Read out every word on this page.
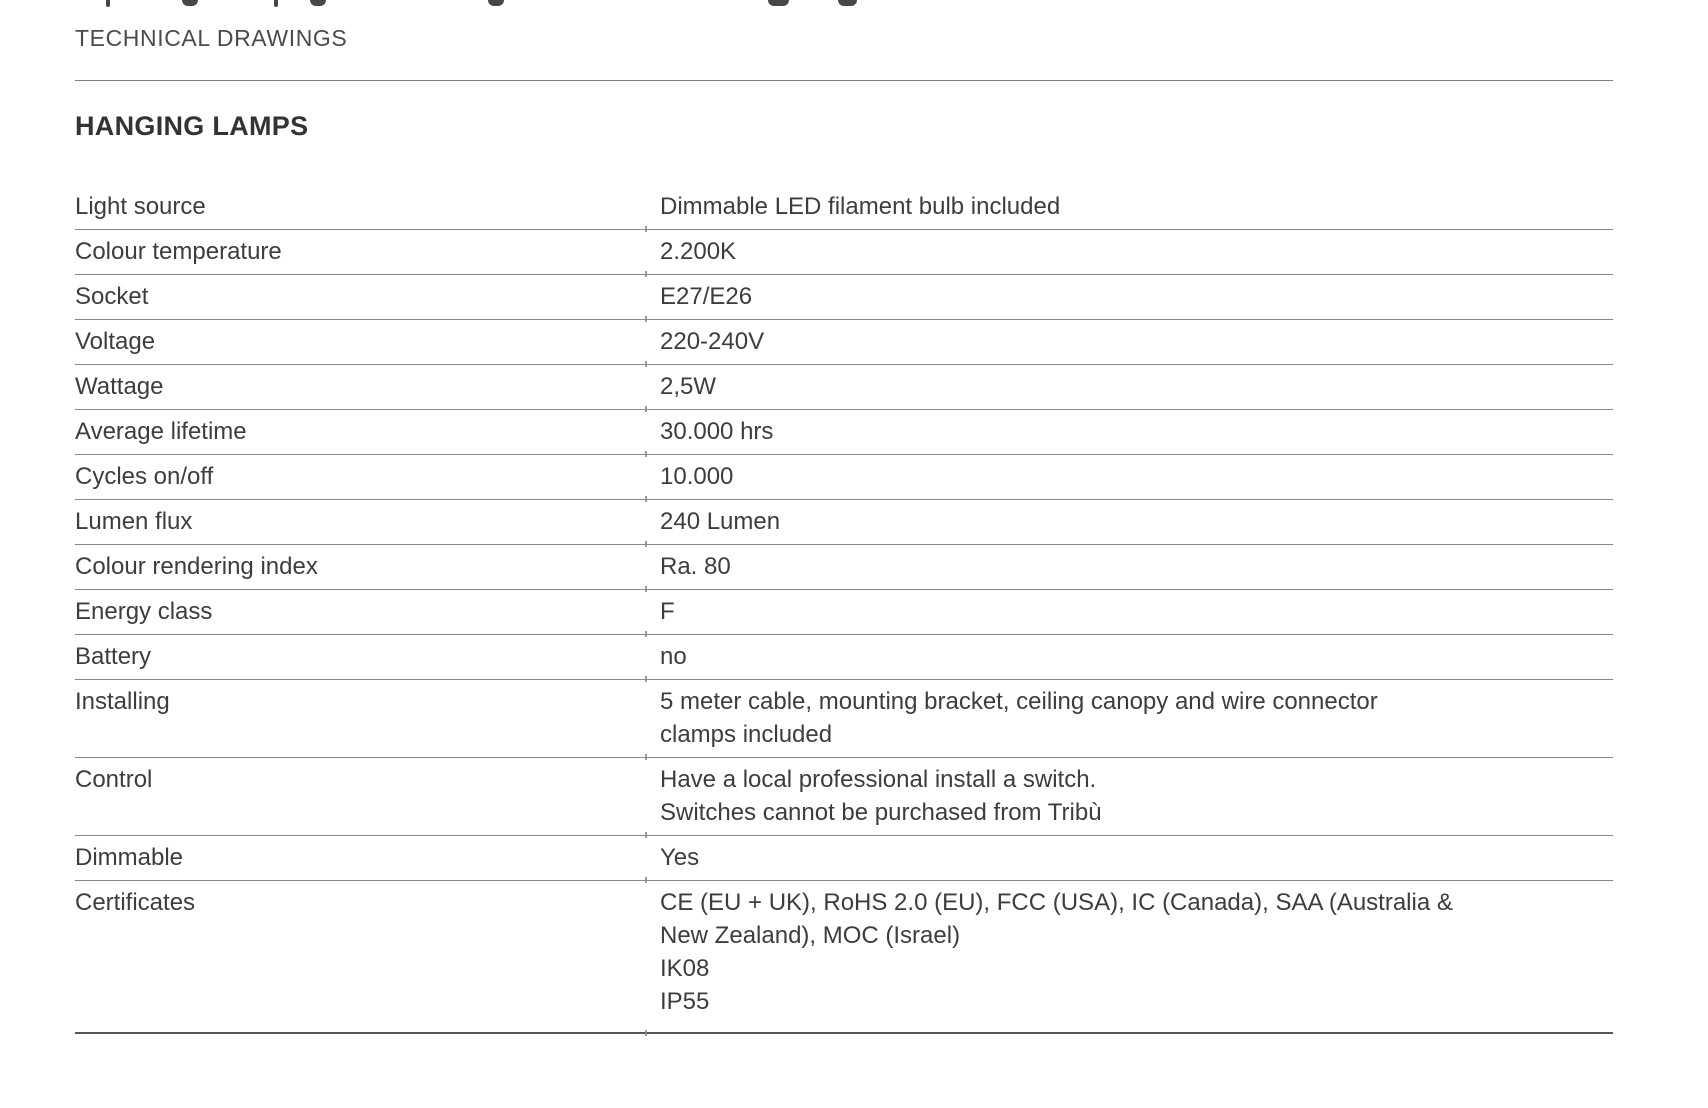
TECHNICAL DRAWINGS

HANGING LAMPS
Light source	Dimmable LED filament bulb included
Colour temperature	2.200K
Socket	E27/E26
Voltage	220-240V
Wattage	2,5W
Average lifetime	30.000 hrs
Cycles on/off	10.000
Lumen flux	240 Lumen
Colour rendering index	Ra. 80
Energy class	F
Battery	no
Installing	5 meter cable, mounting bracket, ceiling canopy and wire connector
clamps included
Control	Have a local professional install a switch.
Switches cannot be purchased from Tribù
Dimmable	Yes
Certificates	CE (EU + UK), RoHS 2.0 (EU), FCC (USA), IC (Canada), SAA (Australia &
New Zealand), MOC (Israel)
IK08
IP55
